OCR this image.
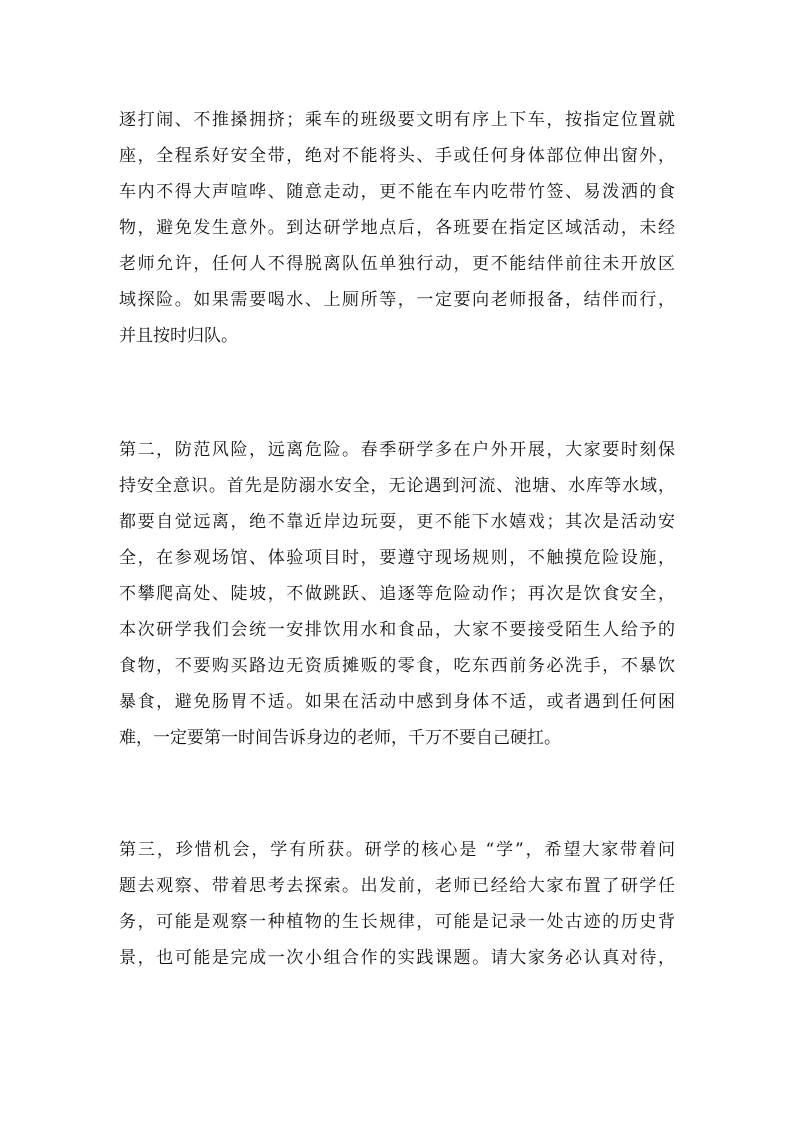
逐打闹、不推搡拥挤；乘车的班级要文明有序上下车，按指定位置就
座，全程系好安全带，绝对不能将头、手或任何身体部位伸出窗外，
车内不得大声喧哗、随意走动，更不能在车内吃带竹签、易泼洒的食
物，避免发生意外。到达研学地点后，各班要在指定区域活动，未经
老师允许，任何人不得脱离队伍单独行动，更不能结伴前往未开放区
域探险。如果需要喝水、上厕所等，一定要向老师报备，结伴而行，
并且按时归队。
第二，防范风险，远离危险。春季研学多在户外开展，大家要时刻保
持安全意识。首先是防溺水安全，无论遇到河流、池塘、水库等水域，
都要自觉远离，绝不靠近岸边玩耍，更不能下水嬉戏；其次是活动安
全，在参观场馆、体验项目时，要遵守现场规则，不触摸危险设施，
不攀爬高处、陡坡，不做跳跃、追逐等危险动作；再次是饮食安全，
本次研学我们会统一安排饮用水和食品，大家不要接受陌生人给予的
食物，不要购买路边无资质摊贩的零食，吃东西前务必洗手，不暴饮
暴食，避免肠胃不适。如果在活动中感到身体不适，或者遇到任何困
难，一定要第一时间告诉身边的老师，千万不要自己硬扛。
第三，珍惜机会，学有所获。研学的核心是 “学”，希望大家带着问
题去观察、带着思考去探索。出发前，老师已经给大家布置了研学任
务，可能是观察一种植物的生长规律，可能是记录一处古迹的历史背
景，也可能是完成一次小组合作的实践课题。请大家务必认真对待，
